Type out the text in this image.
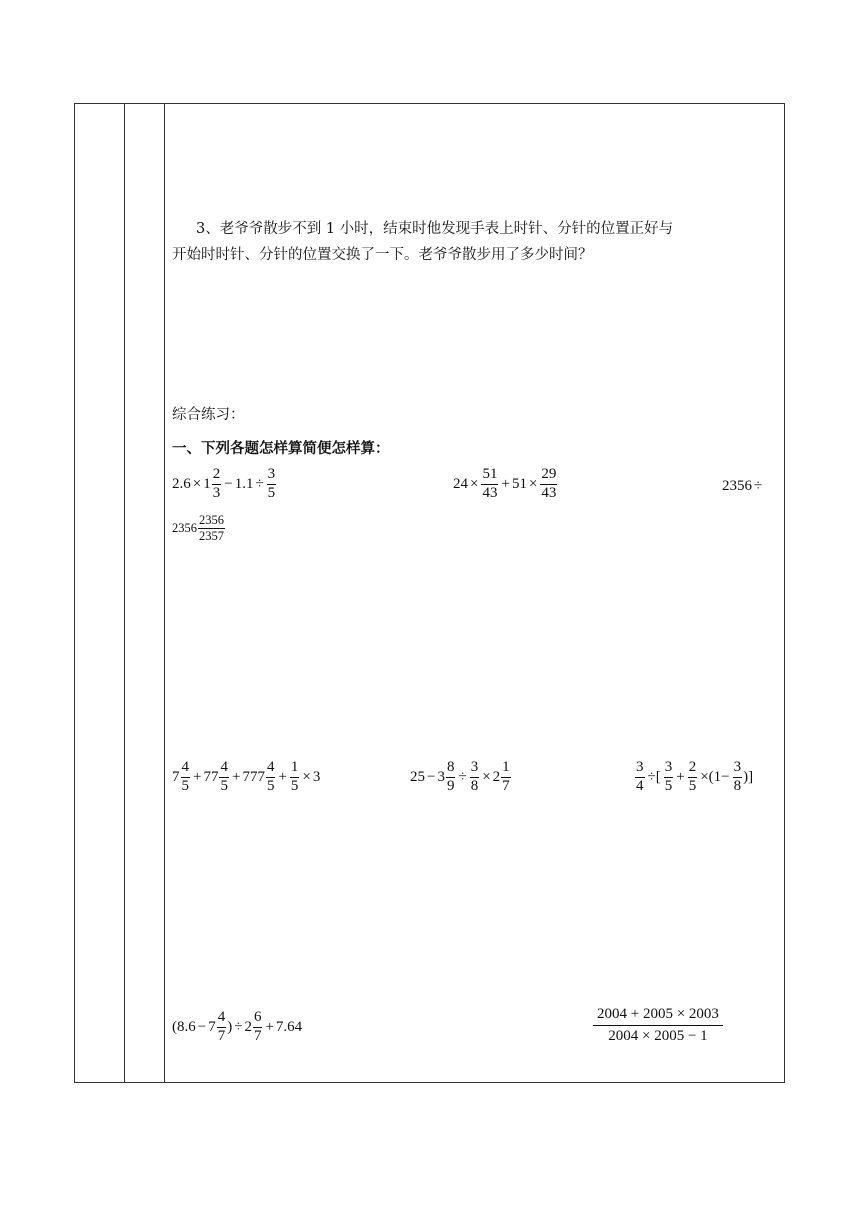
3、老爷爷散步不到 1 小时，结束时他发现手表上时针、分针的位置正好与
开始时时针、分针的位置交换了一下。老爷爷散步用了多少时间？
综合练习：
一、下列各题怎样算简便怎样算：
$2.6 \times 1 \frac{2}{3} - 1.1 \div \frac{3}{5}$	$24 \times \frac{51}{43} + 51 \times \frac{29}{43}$	2356 ÷
$2356 \frac{2356}{2357}$
$7 \frac{4}{5} + 77 \frac{4}{5} + 777 \frac{4}{5} + \frac{1}{5} \times 3$	$25 - 3 \frac{8}{9} \div \frac{3}{8} \times 2 \frac{1}{7}$	$\frac{3}{4}$ ÷[ $\frac{3}{5} + \frac{2}{5} \times(1- \frac{3}{8}$ )]
($8.6 - 7 \frac{4}{7}$ ) ÷ $2 \frac{6}{7} + 7.64$	$\frac{2004 + 2005 \times 2003}{2004 \times 2005 - 1}$
